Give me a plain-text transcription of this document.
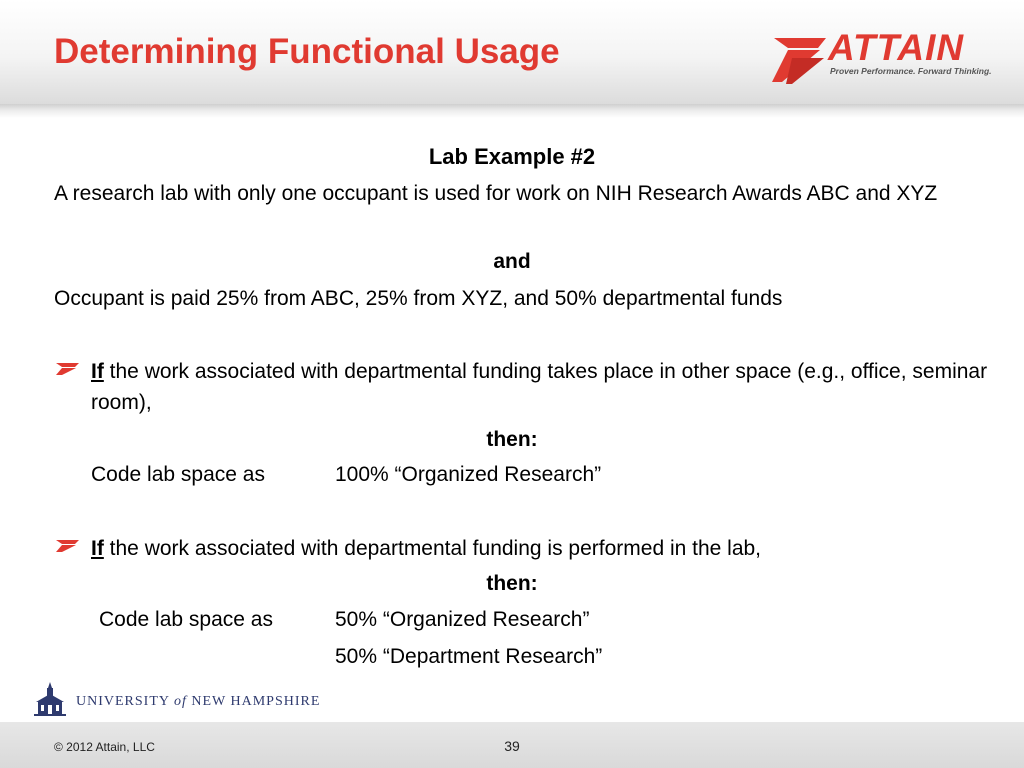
Determining Functional Usage	ATTAIN
Proven Performance. Forward Thinking.
Lab Example #2
A research lab with only one occupant is used for work on NIH Research Awards ABC and XYZ
and
Occupant is paid 25% from ABC, 25% from XYZ, and 50% departmental funds
If the work associated with departmental funding takes place in other space (e.g., office, seminar room),
then:
Code lab space as	100% “Organized Research”
If the work associated with departmental funding is performed in the lab,
then:
Code lab space as	50% “Organized Research”
50% “Department Research”
UNIVERSITY of NEW HAMPSHIRE
© 2012 Attain, LLC	39
